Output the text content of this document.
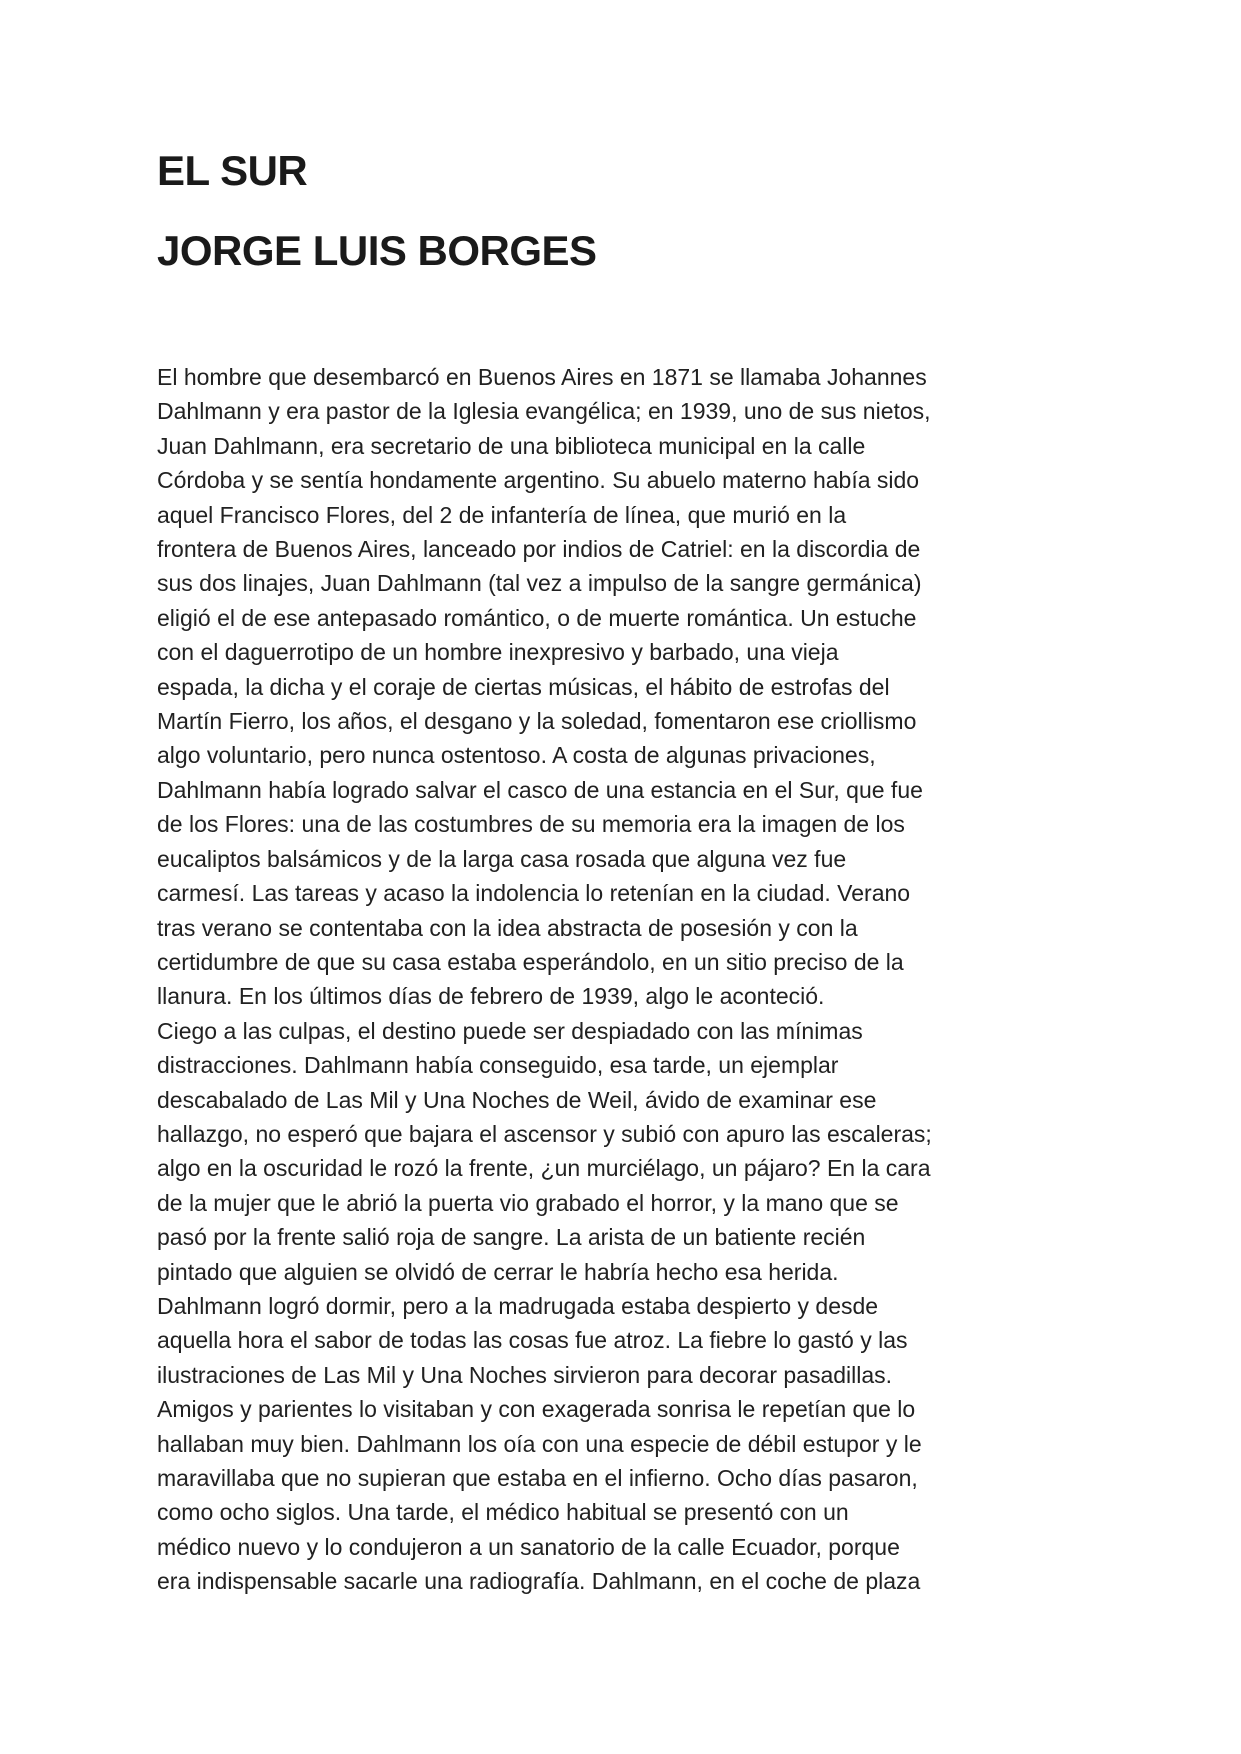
EL SUR
JORGE LUIS BORGES

El hombre que desembarcó en Buenos Aires en 1871 se llamaba Johannes
Dahlmann y era pastor de la Iglesia evangélica; en 1939, uno de sus nietos,
Juan Dahlmann, era secretario de una biblioteca municipal en la calle
Córdoba y se sentía hondamente argentino. Su abuelo materno había sido
aquel Francisco Flores, del 2 de infantería de línea, que murió en la
frontera de Buenos Aires, lanceado por indios de Catriel: en la discordia de
sus dos linajes, Juan Dahlmann (tal vez a impulso de la sangre germánica)
eligió el de ese antepasado romántico, o de muerte romántica. Un estuche
con el daguerrotipo de un hombre inexpresivo y barbado, una vieja
espada, la dicha y el coraje de ciertas músicas, el hábito de estrofas del
Martín Fierro, los años, el desgano y la soledad, fomentaron ese criollismo
algo voluntario, pero nunca ostentoso. A costa de algunas privaciones,
Dahlmann había logrado salvar el casco de una estancia en el Sur, que fue
de los Flores: una de las costumbres de su memoria era la imagen de los
eucaliptos balsámicos y de la larga casa rosada que alguna vez fue
carmesí. Las tareas y acaso la indolencia lo retenían en la ciudad. Verano
tras verano se contentaba con la idea abstracta de posesión y con la
certidumbre de que su casa estaba esperándolo, en un sitio preciso de la
llanura. En los últimos días de febrero de 1939, algo le aconteció.

Ciego a las culpas, el destino puede ser despiadado con las mínimas
distracciones. Dahlmann había conseguido, esa tarde, un ejemplar
descabalado de Las Mil y Una Noches de Weil, ávido de examinar ese
hallazgo, no esperó que bajara el ascensor y subió con apuro las escaleras;
algo en la oscuridad le rozó la frente, ¿un murciélago, un pájaro? En la cara
de la mujer que le abrió la puerta vio grabado el horror, y la mano que se
pasó por la frente salió roja de sangre. La arista de un batiente recién
pintado que alguien se olvidó de cerrar le habría hecho esa herida.
Dahlmann logró dormir, pero a la madrugada estaba despierto y desde
aquella hora el sabor de todas las cosas fue atroz. La fiebre lo gastó y las
ilustraciones de Las Mil y Una Noches sirvieron para decorar pasadillas.
Amigos y parientes lo visitaban y con exagerada sonrisa le repetían que lo
hallaban muy bien. Dahlmann los oía con una especie de débil estupor y le
maravillaba que no supieran que estaba en el infierno. Ocho días pasaron,
como ocho siglos. Una tarde, el médico habitual se presentó con un
médico nuevo y lo condujeron a un sanatorio de la calle Ecuador, porque
era indispensable sacarle una radiografía. Dahlmann, en el coche de plaza
